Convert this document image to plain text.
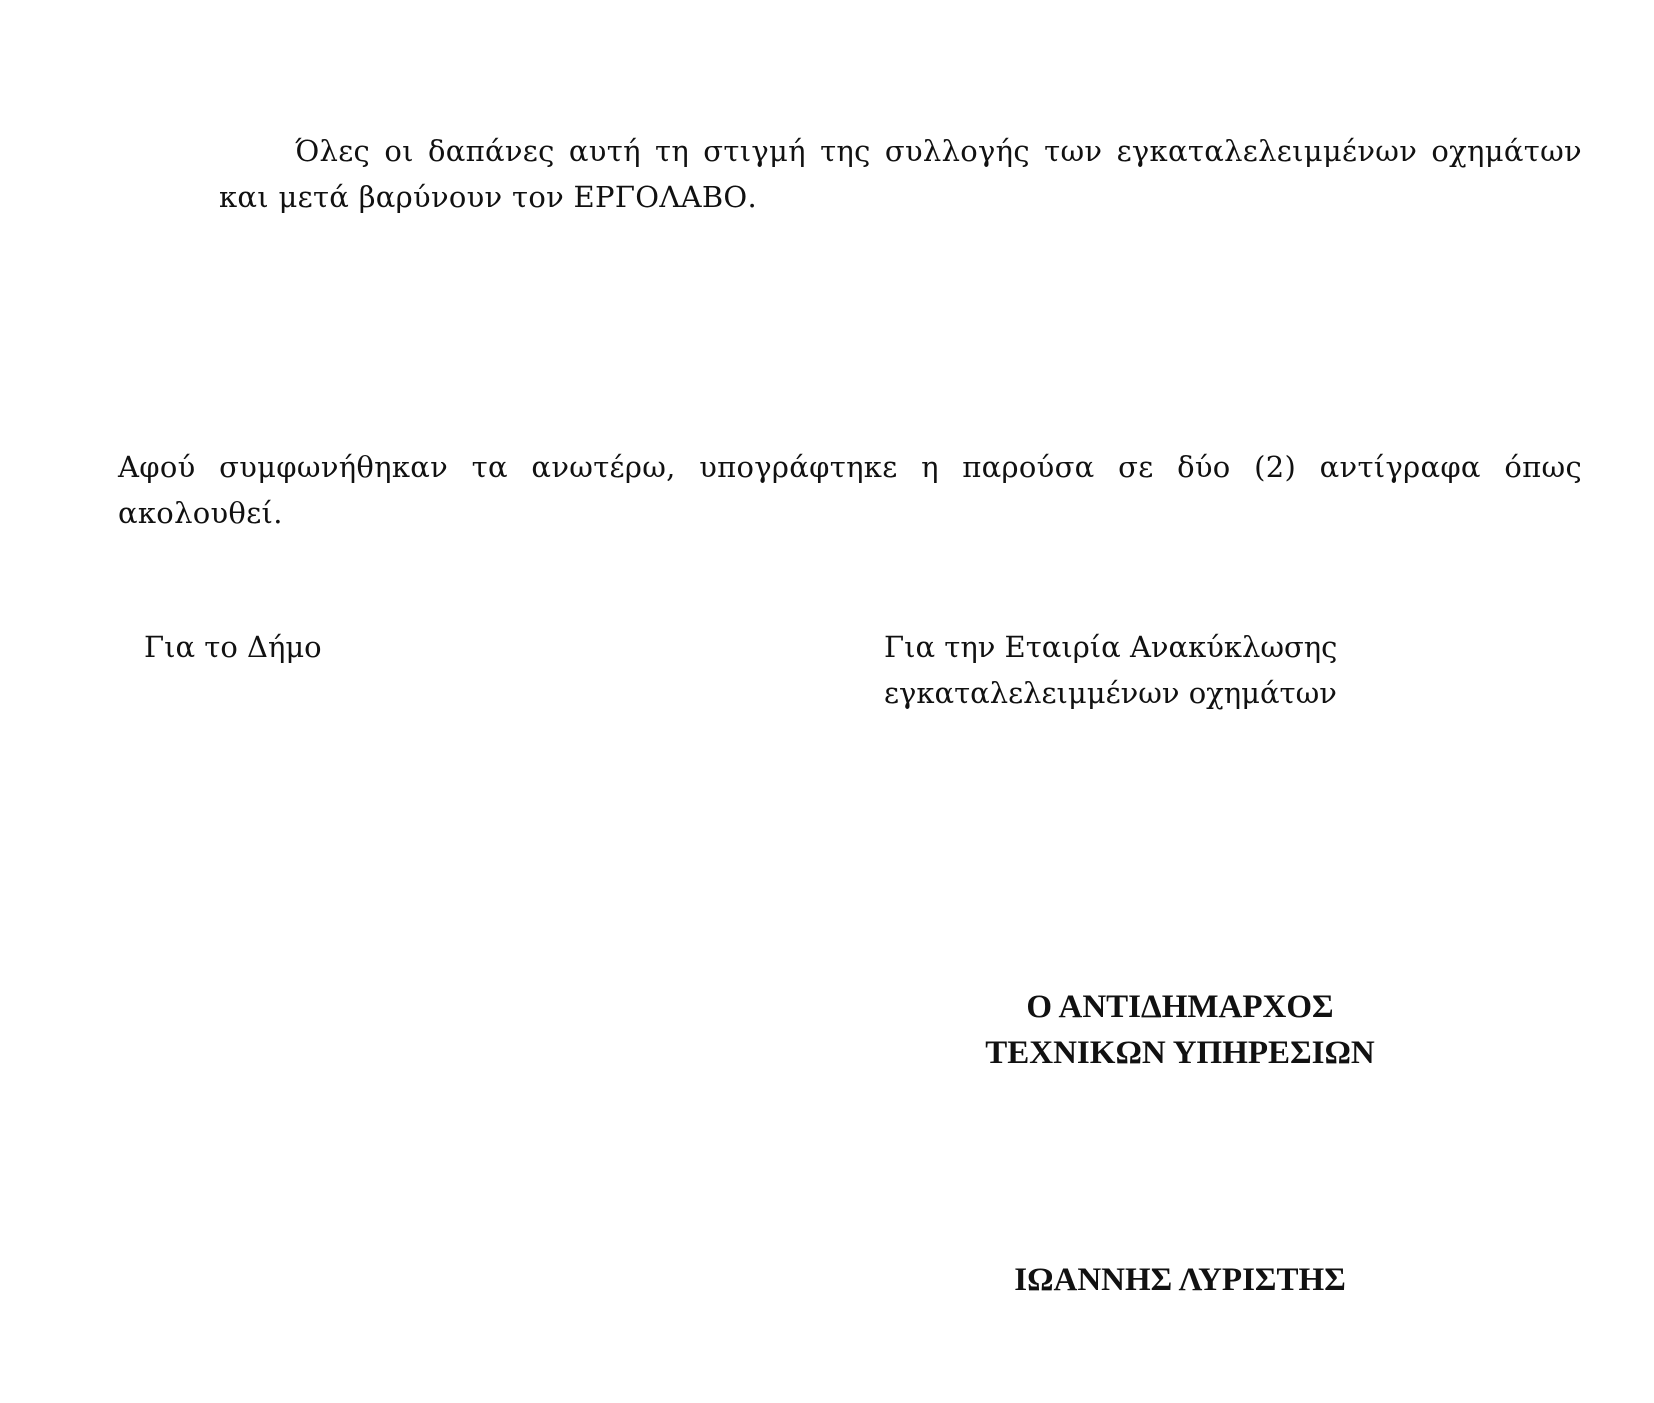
Όλες οι δαπάνες αυτή τη στιγμή της συλλογής των εγκαταλελειμμένων οχημάτων και μετά βαρύνουν τον ΕΡΓΟΛΑΒΟ.

Αφού συμφωνήθηκαν τα ανωτέρω, υπογράφτηκε η παρούσα σε δύο (2) αντίγραφα όπως ακολουθεί.

Για το Δήμο	Για την Εταιρία Ανακύκλωσης
εγκαταλελειμμένων οχημάτων
Ο ΑΝΤΙΔΗΜΑΡΧΟΣ
ΤΕΧΝΙΚΩΝ ΥΠΗΡΕΣΙΩΝ
ΙΩΑΝΝΗΣ ΛΥΡΙΣΤΗΣ
